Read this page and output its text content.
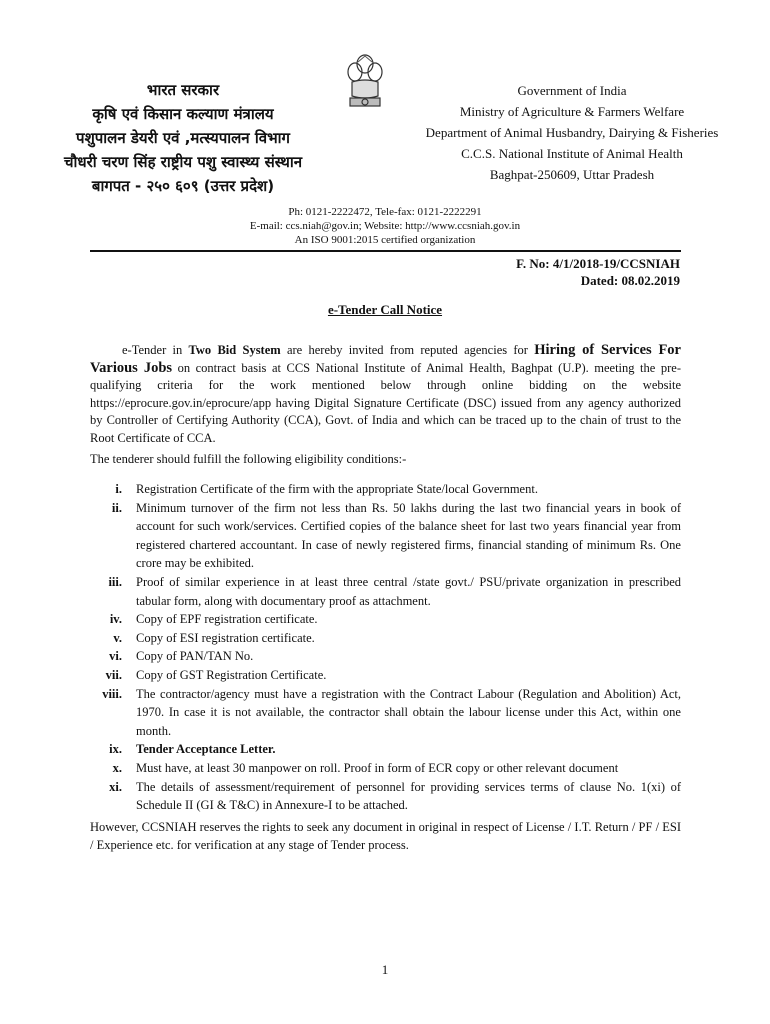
भारत सरकार
कृषि एवं किसान कल्याण मंत्रालय
पशुपालन डेयरी एवं ,मत्स्यपालन विभाग
चौधरी चरण सिंह राष्ट्रीय पशु स्वास्थ्य संस्थान
बागपत - २५० ६०९ (उत्तर प्रदेश)
Government of India
Ministry of Agriculture & Farmers Welfare
Department of Animal Husbandry, Dairying & Fisheries
C.C.S. National Institute of Animal Health
Baghpat-250609, Uttar Pradesh
Ph: 0121-2222472, Tele-fax: 0121-2222291
E-mail: ccs.niah@gov.in; Website: http://www.ccsniah.gov.in
An ISO 9001:2015 certified organization
F. No: 4/1/2018-19/CCSNIAH
Dated: 08.02.2019
e-Tender Call Notice
e-Tender in Two Bid System are hereby invited from reputed agencies for Hiring of Services For Various Jobs on contract basis at CCS National Institute of Animal Health, Baghpat (U.P). meeting the pre-qualifying criteria for the work mentioned below through online bidding on the website https://eprocure.gov.in/eprocure/app having Digital Signature Certificate (DSC) issued from any agency authorized by Controller of Certifying Authority (CCA), Govt. of India and which can be traced up to the chain of trust to the Root Certificate of CCA.
The tenderer should fulfill the following eligibility conditions:-
i. Registration Certificate of the firm with the appropriate State/local Government.
ii. Minimum turnover of the firm not less than Rs. 50 lakhs during the last two financial years in book of account for such work/services. Certified copies of the balance sheet for last two years financial year from registered chartered accountant. In case of newly registered firms, financial standing of minimum Rs. One crore may be exhibited.
iii. Proof of similar experience in at least three central /state govt./ PSU/private organization in prescribed tabular form, along with documentary proof as attachment.
iv. Copy of EPF registration certificate.
v. Copy of ESI registration certificate.
vi. Copy of PAN/TAN No.
vii. Copy of GST Registration Certificate.
viii. The contractor/agency must have a registration with the Contract Labour (Regulation and Abolition) Act, 1970. In case it is not available, the contractor shall obtain the labour license under this Act, within one month.
ix. Tender Acceptance Letter.
x. Must have, at least 30 manpower on roll. Proof in form of ECR copy or other relevant document
xi. The details of assessment/requirement of personnel for providing services terms of clause No. 1(xi) of Schedule II (GI & T&C) in Annexure-I to be attached.
However, CCSNIAH reserves the rights to seek any document in original in respect of License / I.T. Return / PF / ESI / Experience etc. for verification at any stage of Tender process.
1
